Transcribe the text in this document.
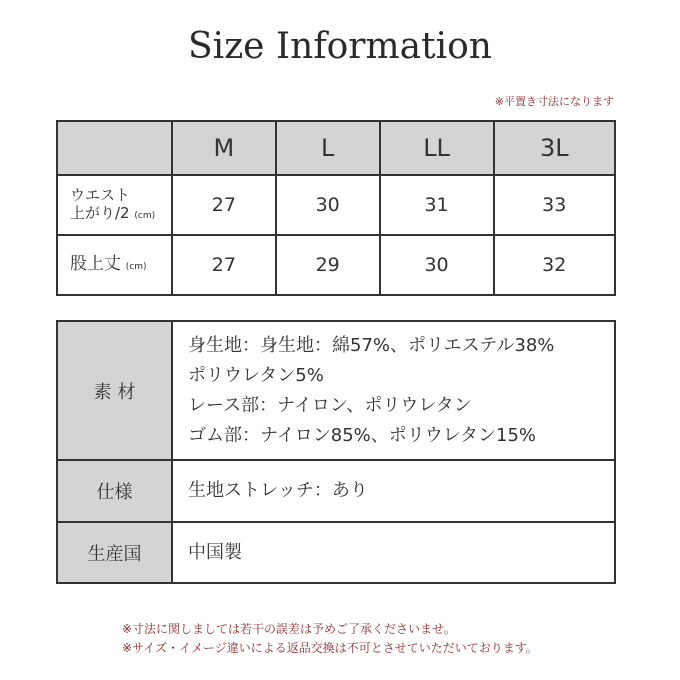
Size Information
※平置き寸法になります
	M	L	LL	3L

ウエスト
上がり/2 (cm)	27	30	31	33
股上丈 (cm)	27	29	30	32
素 材	身生地：身生地：綿57%、ポリエステル38%
ポリウレタン5%
レース部：ナイロン、ポリウレタン
ゴム部：ナイロン85%、ポリウレタン15%

仕様	生地ストレッチ：あり
生産国	中国製
※寸法に関しましては若干の誤差は予めご了承くださいませ。
※サイズ・イメージ違いによる返品交換は不可とさせていただいております。
